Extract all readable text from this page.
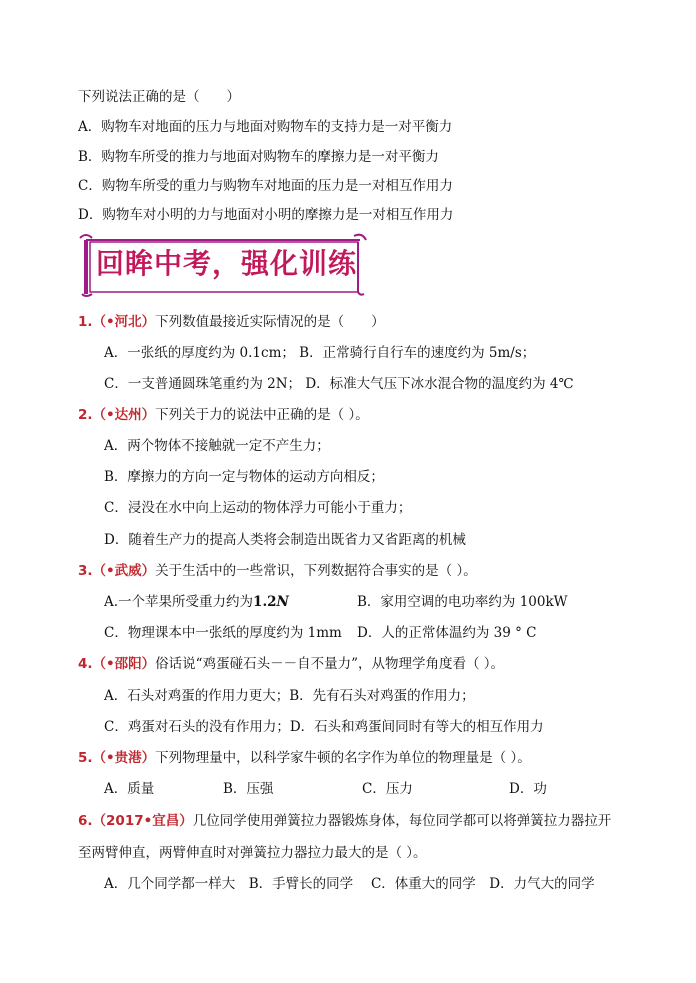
下列说法正确的是（　　）
A．购物车对地面的压力与地面对购物车的支持力是一对平衡力
B．购物车所受的推力与地面对购物车的摩擦力是一对平衡力
C．购物车所受的重力与购物车对地面的压力是一对相互作用力
D．购物车对小明的力与地面对小明的摩擦力是一对相互作用力
回眸中考，强化训练
1.（•河北）下列数值最接近实际情况的是（　　）
A．一张纸的厚度约为 0.1cm； B．正常骑行自行车的速度约为 5m/s；
C．一支普通圆珠笔重约为 2N； D．标准大气压下冰水混合物的温度约为 4℃
2.（•达州）下列关于力的说法中正确的是（ ）。
A．两个物体不接触就一定不产生力；
B．摩擦力的方向一定与物体的运动方向相反；
C．浸没在水中向上运动的物体浮力可能小于重力；
D．随着生产力的提高人类将会制造出既省力又省距离的机械
3.（•武威）关于生活中的一些常识，下列数据符合事实的是（ ）。
A.一个苹果所受重力约为1.2N	B．家用空调的电功率约为 100kW
C．物理课本中一张纸的厚度约为 1mm D．人的正常体温约为 39 ° C
4.（•邵阳）俗话说“鸡蛋碰石头－－自不量力”，从物理学角度看（ ）。
A．石头对鸡蛋的作用力更大；B．先有石头对鸡蛋的作用力；
C．鸡蛋对石头的没有作用力；D．石头和鸡蛋间同时有等大的相互作用力
5.（•贵港）下列物理量中，以科学家牛顿的名字作为单位的物理量是（ ）。
A．质量	B．压强	C．压力	D．功
6.（2017•宜昌）几位同学使用弹簧拉力器锻炼身体，每位同学都可以将弹簧拉力器拉开
至两臂伸直，两臂伸直时对弹簧拉力器拉力最大的是（ ）。
A．几个同学都一样大　B．手臂长的同学　 C．体重大的同学　D．力气大的同学
